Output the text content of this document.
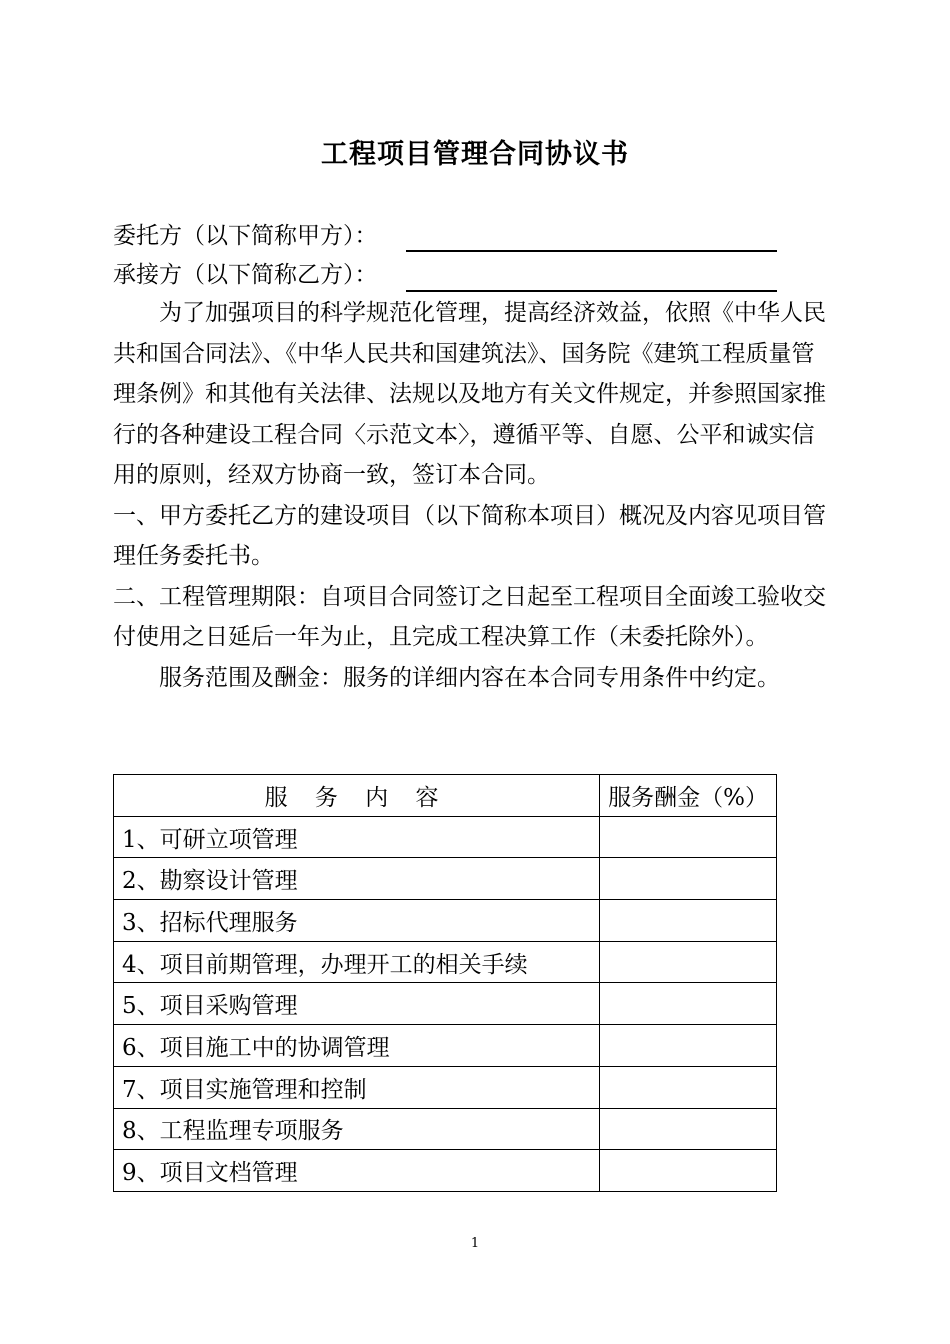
工程项目管理合同协议书
委托方（以下简称甲方）：
承接方（以下简称乙方）：

为了加强项目的科学规范化管理，提高经济效益，依照《中华人民共和国合同法》、《中华人民共和国建筑法》、国务院《建筑工程质量管理条例》和其他有关法律、法规以及地方有关文件规定，并参照国家推行的各种建设工程合同〈示范文本〉，遵循平等、自愿、公平和诚实信用的原则，经双方协商一致，签订本合同。

一、甲方委托乙方的建设项目（以下简称本项目）概况及内容见项目管理任务委托书。

二、工程管理期限：自项目合同签订之日起至工程项目全面竣工验收交付使用之日延后一年为止，且完成工程决算工作（未委托除外）。

服务范围及酬金：服务的详细内容在本合同专用条件中约定。

服 务 内 容	服务酬金（%）
1、可研立项管理	
2、勘察设计管理	
3、招标代理服务	
4、项目前期管理，办理开工的相关手续	
5、项目采购管理	
6、项目施工中的协调管理	
7、项目实施管理和控制	
8、工程监理专项服务	
9、项目文档管理	
1
